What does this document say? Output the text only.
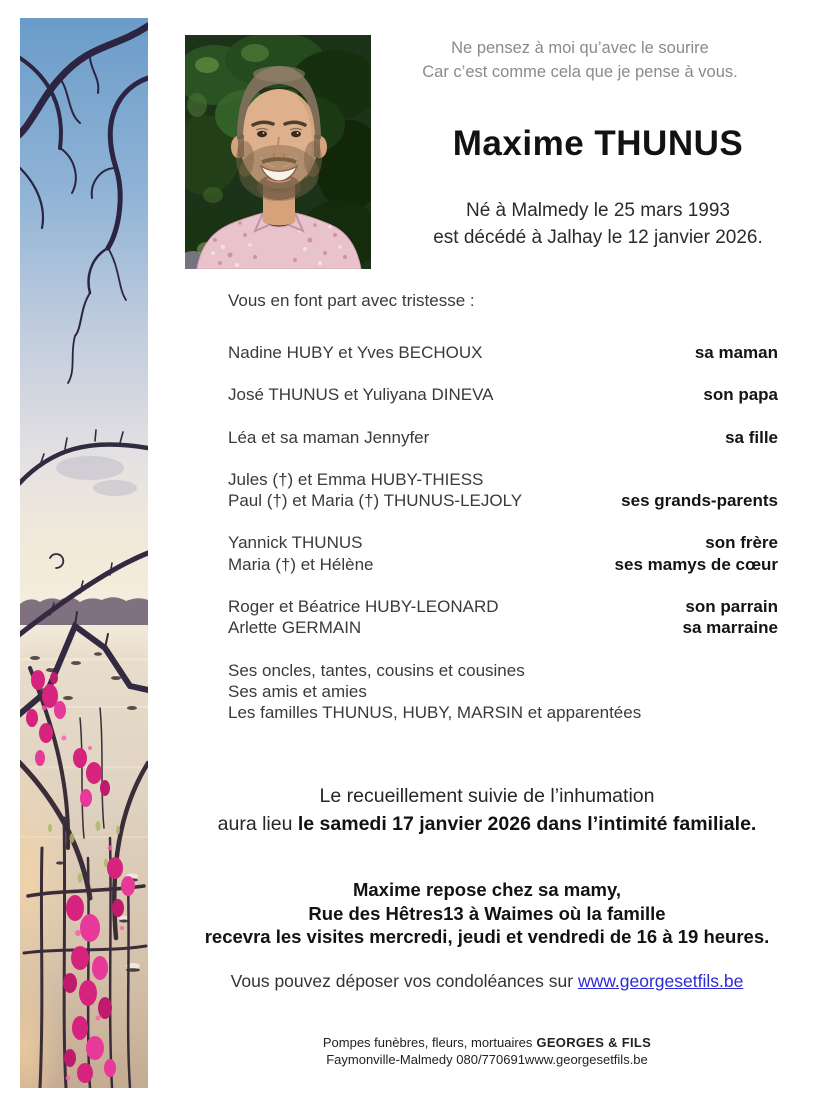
Ne pensez à moi qu’avec le sourire
Car c’est comme cela que je pense à vous.
Maxime THUNUS
Né à Malmedy le 25 mars 1993
est décédé à Jalhay le 12 janvier 2026.
Vous en font part avec tristesse :
Nadine HUBY et Yves BECHOUX	sa maman
José THUNUS et Yuliyana DINEVA	son papa
Léa et sa maman Jennyfer	sa fille
Jules (†) et Emma HUBY-THIESS
Paul (†) et Maria (†) THUNUS-LEJOLY	ses grands-parents
Yannick THUNUS	son frère
Maria (†) et Hélène	ses mamys de cœur
Roger et Béatrice HUBY-LEONARD	son parrain
Arlette GERMAIN	sa marraine
Ses oncles, tantes, cousins et cousines
Ses amis et amies
Les familles THUNUS, HUBY, MARSIN et apparentées
Le recueillement suivie de l’inhumation
aura lieu le samedi 17 janvier 2026 dans l’intimité familiale.
Maxime repose chez sa mamy,
Rue des Hêtres13 à Waimes où la famille
recevra les visites mercredi, jeudi et vendredi de 16 à 19 heures.
Vous pouvez déposer vos condoléances sur www.georgesetfils.be
Pompes funèbres, fleurs, mortuaires GEORGES & FILS
Faymonville-Malmedy 080/770691www.georgesetfils.be
